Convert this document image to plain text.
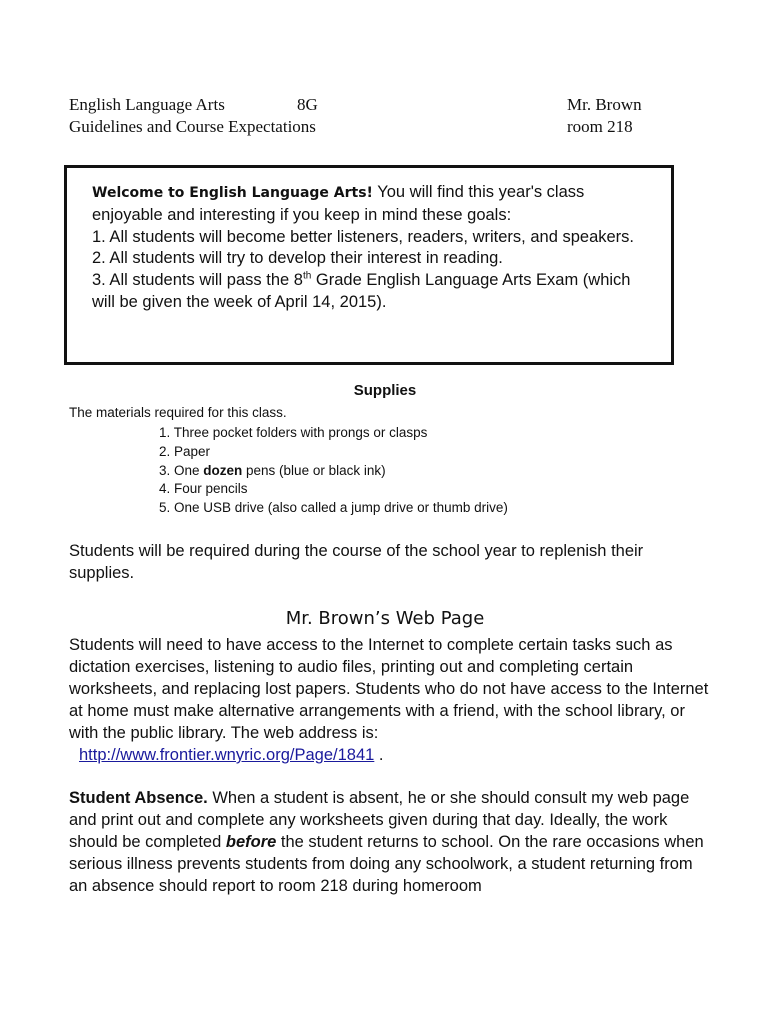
English Language Arts	8G	Mr. Brown
Guidelines and Course Expectations	room 218
Welcome to English Language Arts! You will find this year's class enjoyable and interesting if you keep in mind these goals:
1. All students will become better listeners, readers, writers, and speakers.
2. All students will try to develop their interest in reading.
3. All students will pass the 8th Grade English Language Arts Exam (which will be given the week of April 14, 2015).
Supplies
The materials required for this class.
1. Three pocket folders with prongs or clasps
2. Paper
3. One dozen pens (blue or black ink)
4. Four pencils
5. One USB drive (also called a jump drive or thumb drive)
Students will be required during the course of the school year to replenish their supplies.
Mr. Brown’s Web Page
Students will need to have access to the Internet to complete certain tasks such as dictation exercises, listening to audio files, printing out and completing certain worksheets, and replacing lost papers. Students who do not have access to the Internet at home must make alternative arrangements with a friend, with the school library, or with the public library. The web address is:
http://www.frontier.wnyric.org/Page/1841 .
Student Absence. When a student is absent, he or she should consult my web page and print out and complete any worksheets given during that day. Ideally, the work should be completed before the student returns to school. On the rare occasions when serious illness prevents students from doing any schoolwork, a student returning from an absence should report to room 218 during homeroom
